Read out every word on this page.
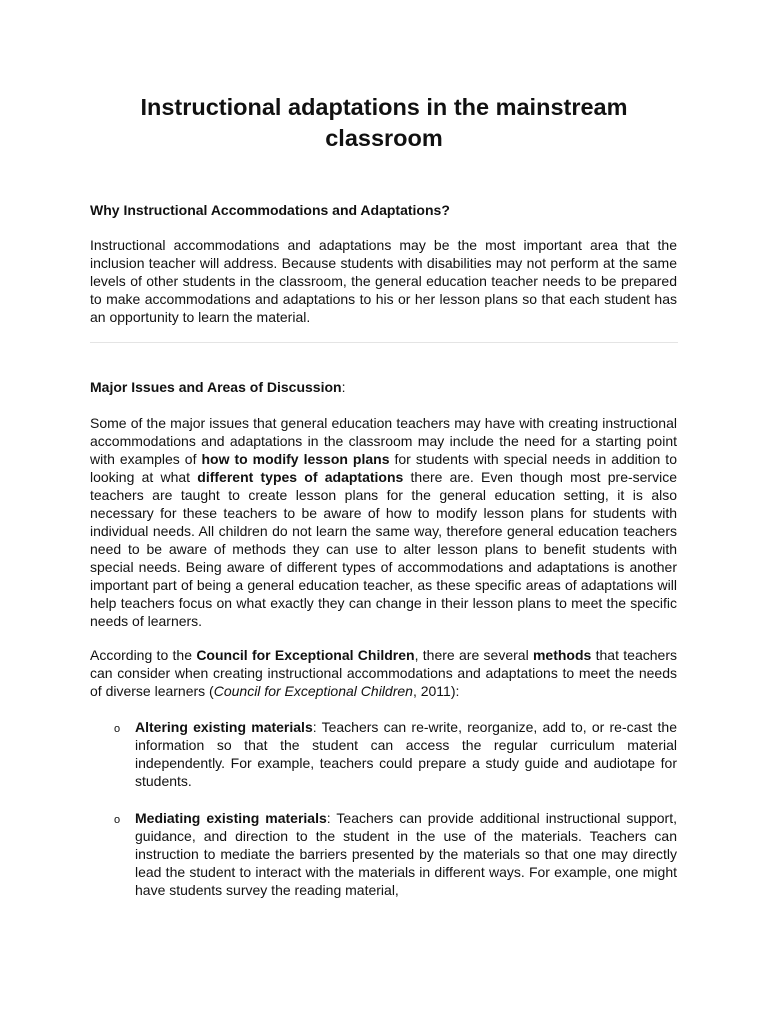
Instructional adaptations in the mainstream classroom
Why Instructional Accommodations and Adaptations?
Instructional accommodations and adaptations may be the most important area that the inclusion teacher will address. Because students with disabilities may not perform at the same levels of other students in the classroom, the general education teacher needs to be prepared to make accommodations and adaptations to his or her lesson plans so that each student has an opportunity to learn the material.
Major Issues and Areas of Discussion:
Some of the major issues that general education teachers may have with creating instructional accommodations and adaptations in the classroom may include the need for a starting point with examples of how to modify lesson plans for students with special needs in addition to looking at what different types of adaptations there are. Even though most pre-service teachers are taught to create lesson plans for the general education setting, it is also necessary for these teachers to be aware of how to modify lesson plans for students with individual needs. All children do not learn the same way, therefore general education teachers need to be aware of methods they can use to alter lesson plans to benefit students with special needs. Being aware of different types of accommodations and adaptations is another important part of being a general education teacher, as these specific areas of adaptations will help teachers focus on what exactly they can change in their lesson plans to meet the specific needs of learners.
According to the Council for Exceptional Children, there are several methods that teachers can consider when creating instructional accommodations and adaptations to meet the needs of diverse learners (Council for Exceptional Children, 2011):
o Altering existing materials: Teachers can re-write, reorganize, add to, or re-cast the information so that the student can access the regular curriculum material independently. For example, teachers could prepare a study guide and audiotape for students.
o Mediating existing materials: Teachers can provide additional instructional support, guidance, and direction to the student in the use of the materials. Teachers can instruction to mediate the barriers presented by the materials so that one may directly lead the student to interact with the materials in different ways. For example, one might have students survey the reading material,
